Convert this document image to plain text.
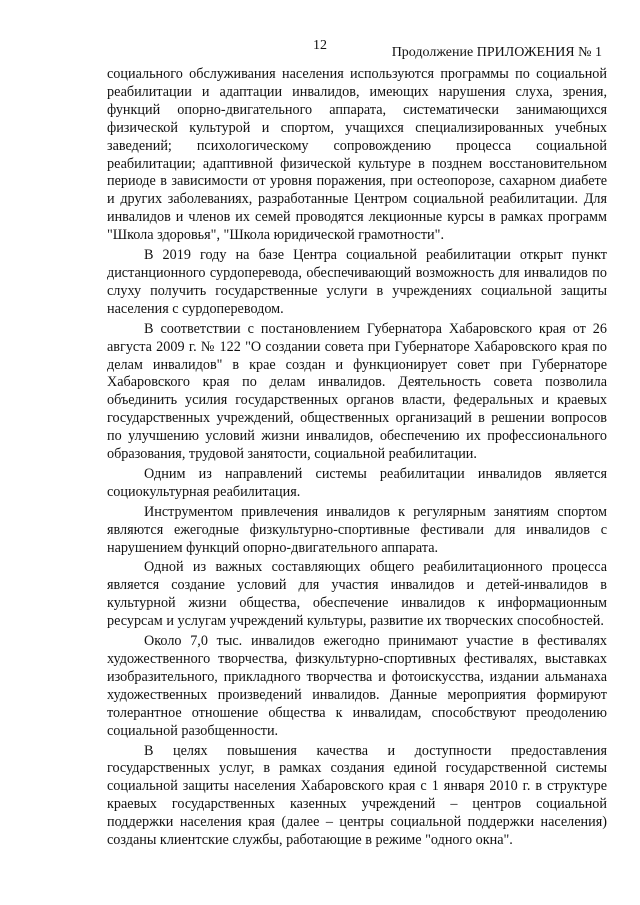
12	Продолжение ПРИЛОЖЕНИЯ № 1

социального обслуживания населения используются программы по социальной реабилитации и адаптации инвалидов, имеющих нарушения слуха, зрения, функций опорно-двигательного аппарата, систематически занимающихся физической культурой и спортом, учащихся специализированных учебных заведений; психологическому сопровождению процесса социальной реабилитации; адаптивной физической культуре в позднем восстановительном периоде в зависимости от уровня поражения, при остеопорозе, сахарном диабете и других заболеваниях, разработанные Центром социальной реабилитации. Для инвалидов и членов их семей проводятся лекционные курсы в рамках программ "Школа здоровья", "Школа юридической грамотности".

В 2019 году на базе Центра социальной реабилитации открыт пункт дистанционного сурдоперевода, обеспечивающий возможность для инвалидов по слуху получить государственные услуги в учреждениях социальной защиты населения с сурдопереводом.

В соответствии с постановлением Губернатора Хабаровского края от 26 августа 2009 г. № 122 "О создании совета при Губернаторе Хабаровского края по делам инвалидов" в крае создан и функционирует совет при Губернаторе Хабаровского края по делам инвалидов. Деятельность совета позволила объединить усилия государственных органов власти, федеральных и краевых государственных учреждений, общественных организаций в решении вопросов по улучшению условий жизни инвалидов, обеспечению их профессионального образования, трудовой занятости, социальной реабилитации.

Одним из направлений системы реабилитации инвалидов является социокультурная реабилитация.

Инструментом привлечения инвалидов к регулярным занятиям спортом являются ежегодные физкультурно-спортивные фестивали для инвалидов с нарушением функций опорно-двигательного аппарата.

Одной из важных составляющих общего реабилитационного процесса является создание условий для участия инвалидов и детей-инвалидов в культурной жизни общества, обеспечение инвалидов к информационным ресурсам и услугам учреждений культуры, развитие их творческих способностей.

Около 7,0 тыс. инвалидов ежегодно принимают участие в фестивалях художественного творчества, физкультурно-спортивных фестивалях, выставках изобразительного, прикладного творчества и фотоискусства, издании альманаха художественных произведений инвалидов. Данные мероприятия формируют толерантное отношение общества к инвалидам, способствуют преодолению социальной разобщенности.

В целях повышения качества и доступности предоставления государственных услуг, в рамках создания единой государственной системы социальной защиты населения Хабаровского края с 1 января 2010 г. в структуре краевых государственных казенных учреждений – центров социальной поддержки населения края (далее – центры социальной поддержки населения) созданы клиентские службы, работающие в режиме "одного окна".
